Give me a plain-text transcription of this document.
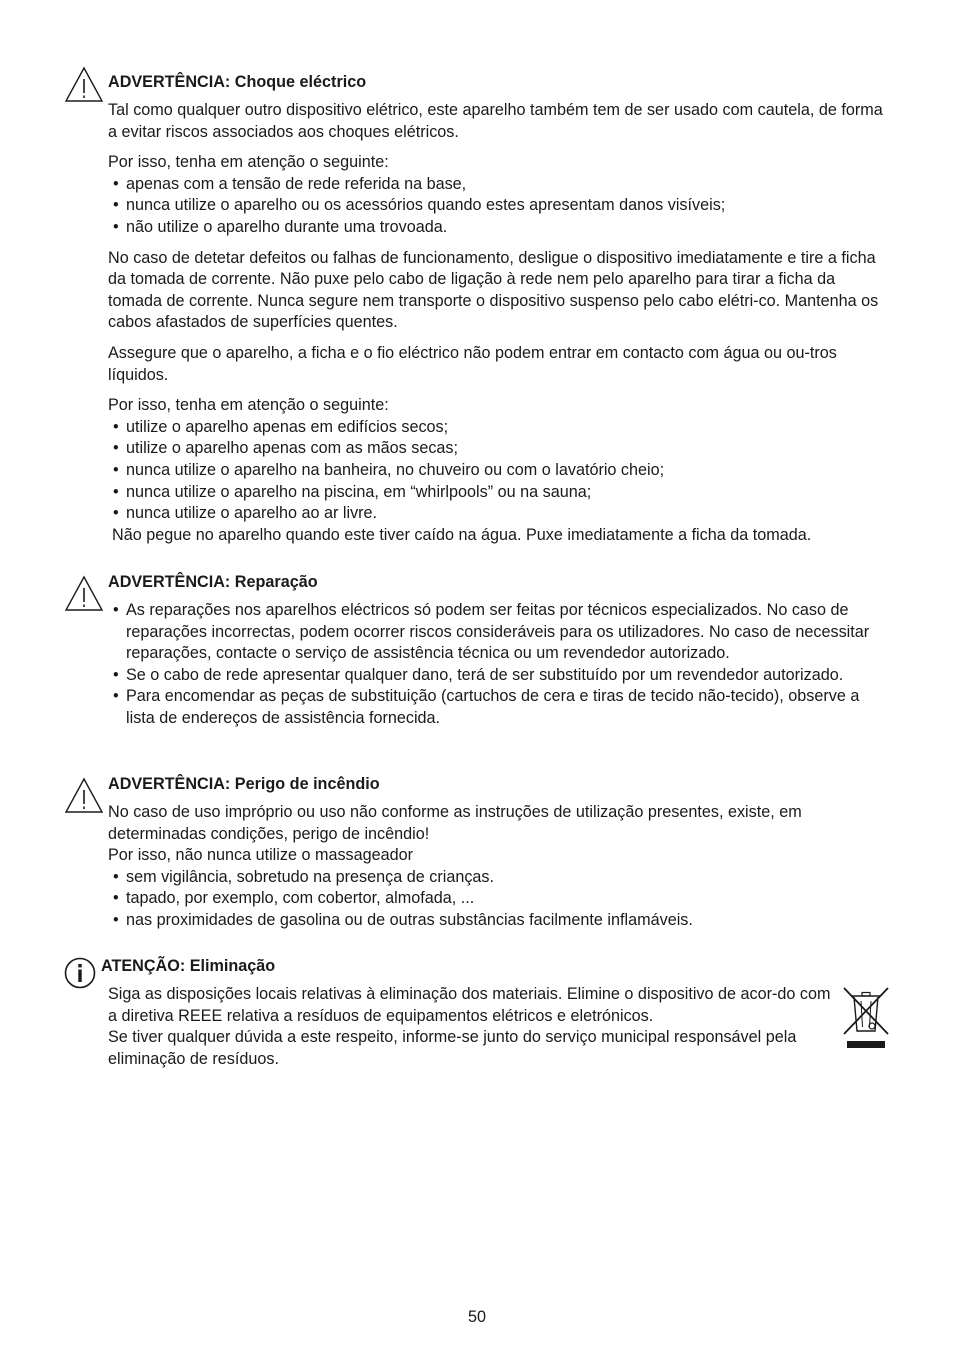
ADVERTÊNCIA: Choque eléctrico

Tal como qualquer outro dispositivo elétrico, este aparelho também tem de ser usado com cautela, de forma a evitar riscos associados aos choques elétricos.

Por isso, tenha em atenção o seguinte:

• apenas com a tensão de rede referida na base,
• nunca utilize o aparelho ou os acessórios quando estes apresentam danos visíveis;
• não utilize o aparelho durante uma trovoada.

No caso de detetar defeitos ou falhas de funcionamento, desligue o dispositivo imediatamente e tire a ficha da tomada de corrente. Não puxe pelo cabo de ligação à rede nem pelo aparelho para tirar a ficha da tomada de corrente. Nunca segure nem transporte o dispositivo suspenso pelo cabo elétri-co. Mantenha os cabos afastados de superfícies quentes.

Assegure que o aparelho, a ficha e o fio eléctrico não podem entrar em contacto com água ou ou-tros líquidos.

Por isso, tenha em atenção o seguinte:

• utilize o aparelho apenas em edifícios secos;
• utilize o aparelho apenas com as mãos secas;
• nunca utilize o aparelho na banheira, no chuveiro ou com o lavatório cheio;
• nunca utilize o aparelho na piscina, em “whirlpools” ou na sauna;
• nunca utilize o aparelho ao ar livre.

Não pegue no aparelho quando este tiver caído na água. Puxe imediatamente a ficha da tomada.

ADVERTÊNCIA: Reparação
• As reparações nos aparelhos eléctricos só podem ser feitas por técnicos especializados. No caso de reparações incorrectas, podem ocorrer riscos consideráveis para os utilizadores. No caso de necessitar reparações, contacte o serviço de assistência técnica ou um revendedor autorizado.
• Se o cabo de rede apresentar qualquer dano, terá de ser substituído por um revendedor autorizado.
• Para encomendar as peças de substituição (cartuchos de cera e tiras de tecido não-tecido), observe a lista de endereços de assistência fornecida.
ADVERTÊNCIA: Perigo de incêndio

No caso de uso impróprio ou uso não conforme as instruções de utilização presentes, existe, em determinadas condições, perigo de incêndio!

Por isso, não nunca utilize o massageador

• sem vigilância, sobretudo na presença de crianças.
• tapado, por exemplo, com cobertor, almofada, ...
• nas proximidades de gasolina ou de outras substâncias facilmente inflamáveis.
ATENÇÃO: Eliminação

Siga as disposições locais relativas à eliminação dos materiais. Elimine o dispositivo de acor-do com a diretiva REEE relativa a resíduos de equipamentos elétricos e eletrónicos.

Se tiver qualquer dúvida a este respeito, informe-se junto do serviço municipal responsável pela eliminação de resíduos.

50
